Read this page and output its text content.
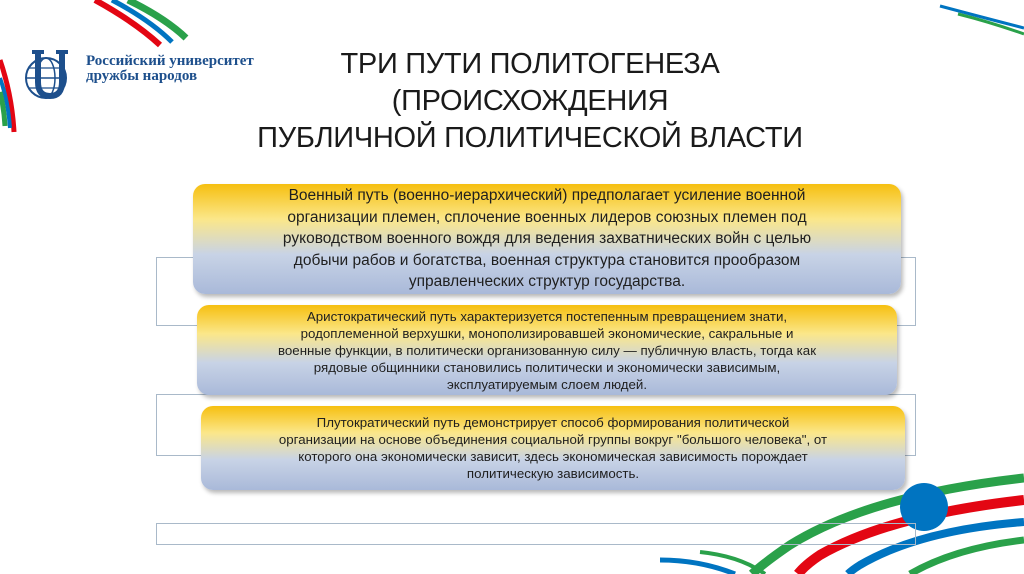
Российский университет
дружбы народов	ТРИ ПУТИ ПОЛИТОГЕНЕЗА (ПРОИСХОЖДЕНИЯ
ПУБЛИЧНОЙ ПОЛИТИЧЕСКОЙ ВЛАСТИ
Военный путь (военно-иерархический) предполагает усиление военной
организации племен, сплочение военных лидеров союзных племен под
руководством военного вождя для ведения захватнических войн с целью
добычи рабов и богатства, военная структура становится прообразом
управленческих структур государства.
Аристократический путь характеризуется постепенным превращением знати,
родоплеменной верхушки, монополизировавшей экономические, сакральные и
военные функции, в политически организованную силу — публичную власть, тогда как
рядовые общинники становились политически и экономически зависимым,
эксплуатируемым слоем людей.
Плутократический путь демонстрирует способ формирования политической
организации на основе объединения социальной группы вокруг "большого человека", от
которого она экономически зависит, здесь экономическая зависимость порождает
политическую зависимость.
